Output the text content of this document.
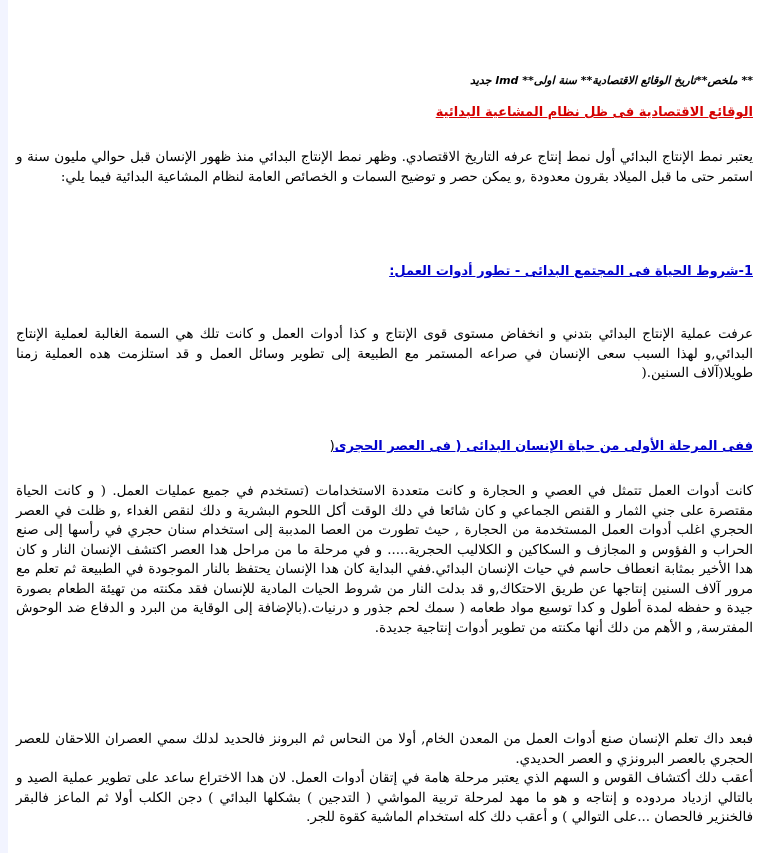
** ملخص**تاريخ الوقائع الاقتصادية** سنة اولى** lmd جديد
الوقائع الاقتصادية فى ظل نظام المشاعية البدائية

يعتبر نمط الإنتاج البدائي أول نمط إنتاج عرفه التاريخ الاقتصادي. وظهر نمط الإنتاج البدائي منذ ظهور الإنسان قبل حوالي مليون سنة و استمر حتى ما قبل الميلاد بقرون معدودة ,و يمكن حصر و توضيح السمات و الخصائص العامة لنظام المشاعية البدائية فيما يلي:

1-شروط الحياة فى المجتمع البدائى - تطور أدوات العمل:

عرفت عملية الإنتاج البدائي بتدني و انخفاض مستوى قوى الإنتاج و كذا أدوات العمل و كانت تلك هي السمة الغالبة لعملية الإنتاج البدائي,و لهذا السبب سعى الإنسان في صراعه المستمر مع الطبيعة إلى تطوير وسائل العمل و قد استلزمت هده العملية زمنا طويلا(آلاف السنين.(

ففى المرحلة الأولى من حياة الإنسان البدائى ( فى العصر الحجرى(

كانت أدوات العمل تتمثل في العصي و الحجارة و كانت متعددة الاستخدامات (تستخدم في جميع عمليات العمل. ( و كانت الحياة مقتصرة على جني الثمار و القنص الجماعي و كان شائعا في دلك الوقت أكل اللحوم البشرية و دلك لنقص الغداء ,و ظلت في العصر الحجري اغلب أدوات العمل المستخدمة من الحجارة , حيث تطورت من العصا المدببة إلى استخدام سنان حجري في رأسها إلى صنع الحراب و الفؤوس و المجازف و السكاكين و الكلاليب الحجرية..... و في مرحلة ما من مراحل هدا العصر اكتشف الإنسان النار و كان هدا الأخير بمثابة انعطاف حاسم في حيات الإنسان البدائي.ففي البداية كان هدا الإنسان يحتفظ بالنار الموجودة في الطبيعة ثم تعلم مع مرور آلاف السنين إنتاجها عن طريق الاحتكاك,و قد بدلت النار من شروط الحيات المادية للإنسان فقد مكنته من تهيئة الطعام بصورة جيدة و حفظه لمدة أطول و كدا توسيع مواد طعامه ( سمك لحم جذور و درنيات.(بالإضافة إلى الوقاية من البرد و الدفاع ضد الوحوش المفترسة, و الأهم من دلك أنها مكنته من تطوير أدوات إنتاجية جديدة.

فبعد داك تعلم الإنسان صنع أدوات العمل من المعدن الخام, أولا من النحاس ثم البرونز فالحديد لدلك سمي العصران اللاحقان للعصر الحجري بالعصر البرونزي و العصر الحديدي.

أعقب دلك أكتشاف القوس و السهم الذي يعتبر مرحلة هامة في إتقان أدوات العمل. لان هدا الاختراع ساعد على تطوير عملية الصيد و بالتالي ازدياد مردوده و إنتاجه و هو ما مهد لمرحلة تربية المواشي ( التدجين ) بشكلها البدائي ) دجن الكلب أولا ثم الماعز فالبقر فالخنزير فالحصان ...على التوالي ) و أعقب دلك كله استخدام الماشية كقوة للجر.
